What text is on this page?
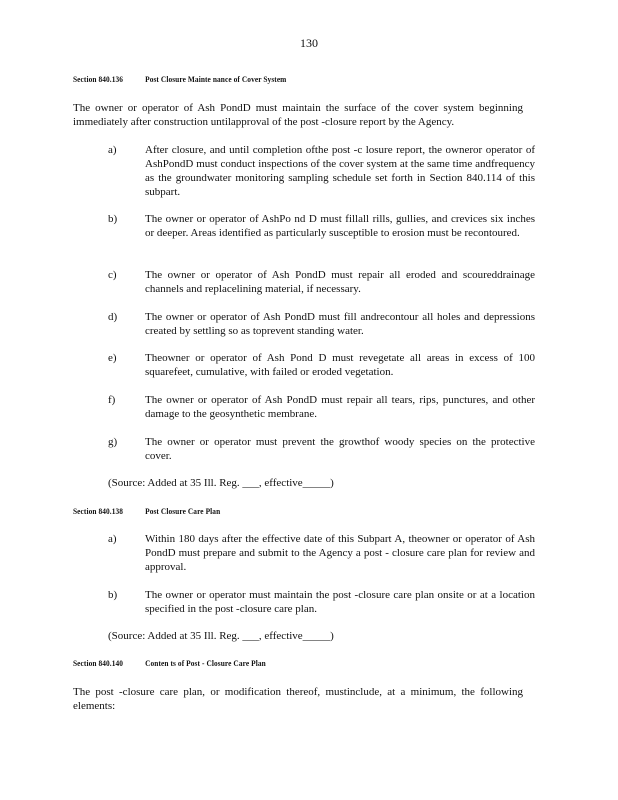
130
Section 840.136	Post Closure Mainte nance of Cover System
The owner or operator of Ash PondD must maintain the surface of the cover system beginning immediately after construction untilapproval of the post -closure report by the Agency.
a)	After closure, and until completion ofthe post -c losure report, the owneror operator of AshPondD must conduct inspections of the cover system at the same time andfrequency as the groundwater monitoring sampling schedule set forth in Section 840.114 of this subpart.
b)	The owner or operator of AshPo nd D must fillall rills, gullies, and crevices six inches or deeper. Areas identified as particularly susceptible to erosion must be recontoured.
c)	The owner or operator of Ash PondD must repair all eroded and scoureddrainage channels and replacelining material, if necessary.
d)	The owner or operator of Ash PondD must fill andrecontour all holes and depressions created by settling so as toprevent standing water.
e)	Theowner or operator of Ash Pond D must revegetate all areas in excess of 100 squarefeet, cumulative, with failed or eroded vegetation.
f)	The owner or operator of Ash PondD must repair all tears, rips, punctures, and other damage to the geosynthetic membrane.
g)	The owner or operator must prevent the growthof woody species on the protective cover.
(Source: Added at 35 Ill. Reg. ___, effective_____)
Section 840.138	Post Closure Care Plan
a)	Within 180 days after the effective date of this Subpart A, theowner or operator of Ash PondD must prepare and submit to the Agency a post - closure care plan for review and approval.
b)	The owner or operator must maintain the post -closure care plan onsite or at a location specified in the post -closure care plan.
(Source: Added at 35 Ill. Reg. ___, effective_____)
Section 840.140	Conten ts of Post - Closure Care Plan
The post -closure care plan, or modification thereof, mustinclude, at a minimum, the following elements:
